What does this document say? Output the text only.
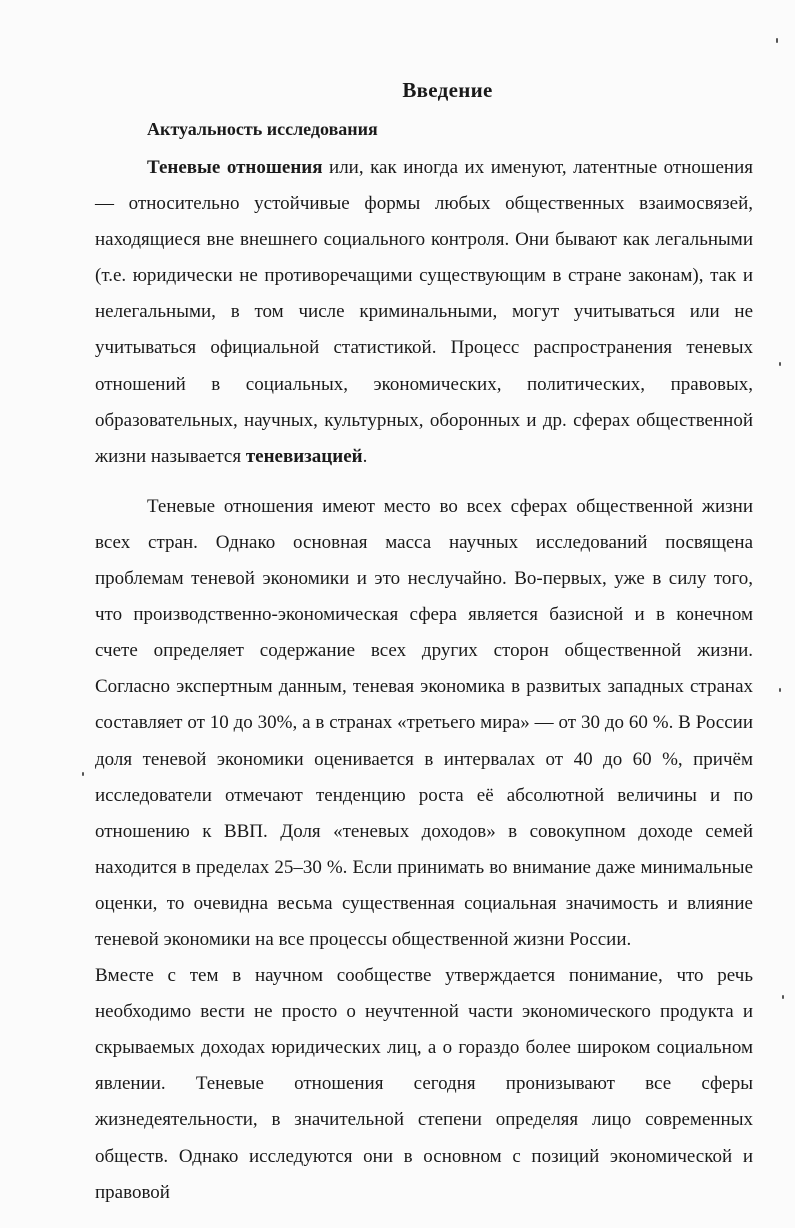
Введение
Актуальность исследования

Теневые отношения или, как иногда их именуют, латентные отношения — относительно устойчивые формы любых общественных взаимосвязей, находящиеся вне внешнего социального контроля. Они бывают как легальными (т.е. юридически не противоречащими существующим в стране законам), так и нелегальными, в том числе криминальными, могут учитываться или не учитываться официальной статистикой. Процесс распространения теневых отношений в социальных, экономических, политических, правовых, образовательных, научных, культурных, оборонных и др. сферах общественной жизни называется теневизацией.

Теневые отношения имеют место во всех сферах общественной жизни всех стран. Однако основная масса научных исследований посвящена проблемам теневой экономики и это неслучайно. Во-первых, уже в силу того, что производственно-экономическая сфера является базисной и в конечном счете определяет содержание всех других сторон общественной жизни. Согласно экспертным данным, теневая экономика в развитых западных странах составляет от 10 до 30%, а в странах «третьего мира» — от 30 до 60 %. В России доля теневой экономики оценивается в интервалах от 40 до 60 %, причём исследователи отмечают тенденцию роста её абсолютной величины и по отношению к ВВП. Доля «теневых доходов» в совокупном доходе семей находится в пределах 25–30 %. Если принимать во внимание даже минимальные оценки, то очевидна весьма существенная социальная значимость и влияние теневой экономики на все процессы общественной жизни России.

Вместе с тем в научном сообществе утверждается понимание, что речь необходимо вести не просто о неучтенной части экономического продукта и скрываемых доходах юридических лиц, а о гораздо более широком социальном явлении. Теневые отношения сегодня пронизывают все сферы жизнедеятельности, в значительной степени определяя лицо современных обществ. Однако исследуются они в основном с позиций экономической и правовой
